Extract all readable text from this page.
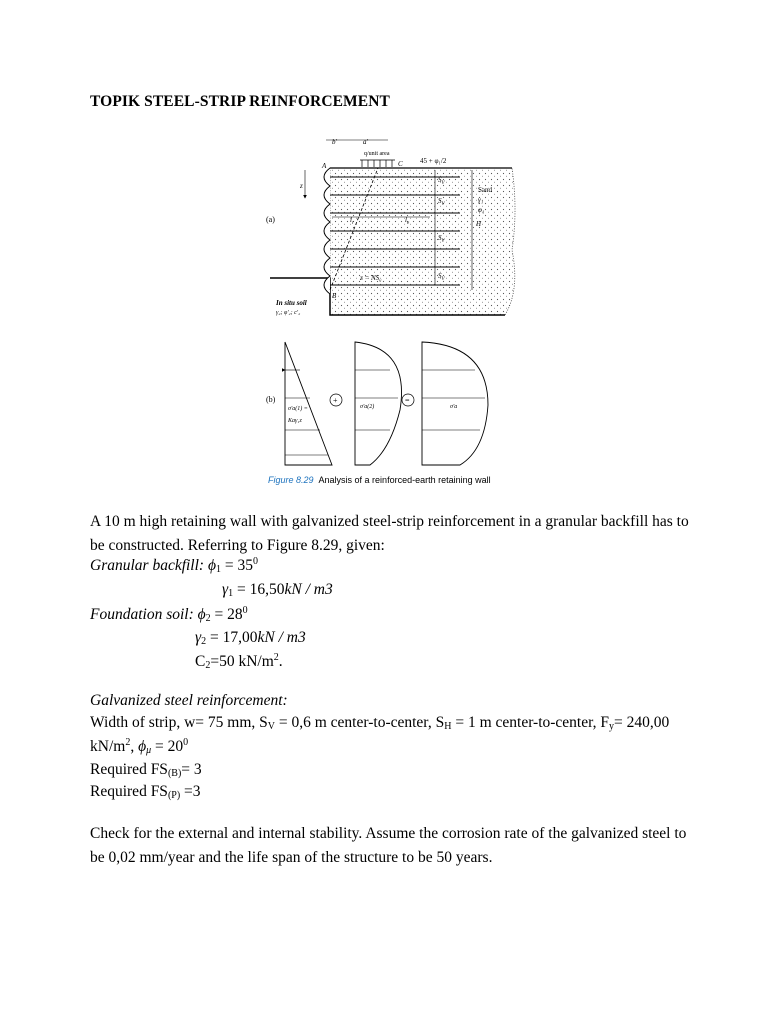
TOPIK STEEL-STRIP REINFORCEMENT
(a)
q/unit area
b'	a'
45 + φ₁/2
A	C
B
z
$S_V$
$S_V$
$S_V$
$S_V$
$l_r$	$l_e$
Sand
γ₁
φ₁
H
$z = NS_v$
In situ soil
γ₂; φ'₂; c'₂
(b)
σ'a(1) =
Kaγ₁z
+
σ'a(2)
=
σ'a
Figure 8.29 Analysis of a reinforced-earth retaining wall
A 10 m high retaining wall with galvanized steel-strip reinforcement in a granular backfill has to be constructed. Referring to Figure 8.29, given:
Granular backfill: $\phi_1 = 35^0$
$\gamma_1 = 16,50kN / m3$
Foundation soil: $\phi_2 = 28^0$
$\gamma_2 = 17,00kN / m3$
$C_2=50$ $kN/m^2$.
Galvanized steel reinforcement:
Width of strip, w= 75 mm, $S_V = 0,6$ m center-to-center, $S_H = 1$ m center-to-center, $F_y= 240,00$
$kN/m^2$, $\phi_\mu = 20^0$
Required $FS_{(B)}= 3$
Required $FS_{(P)} =3$
Check for the external and internal stability. Assume the corrosion rate of the galvanized steel to be 0,02 mm/year and the life span of the structure to be 50 years.
